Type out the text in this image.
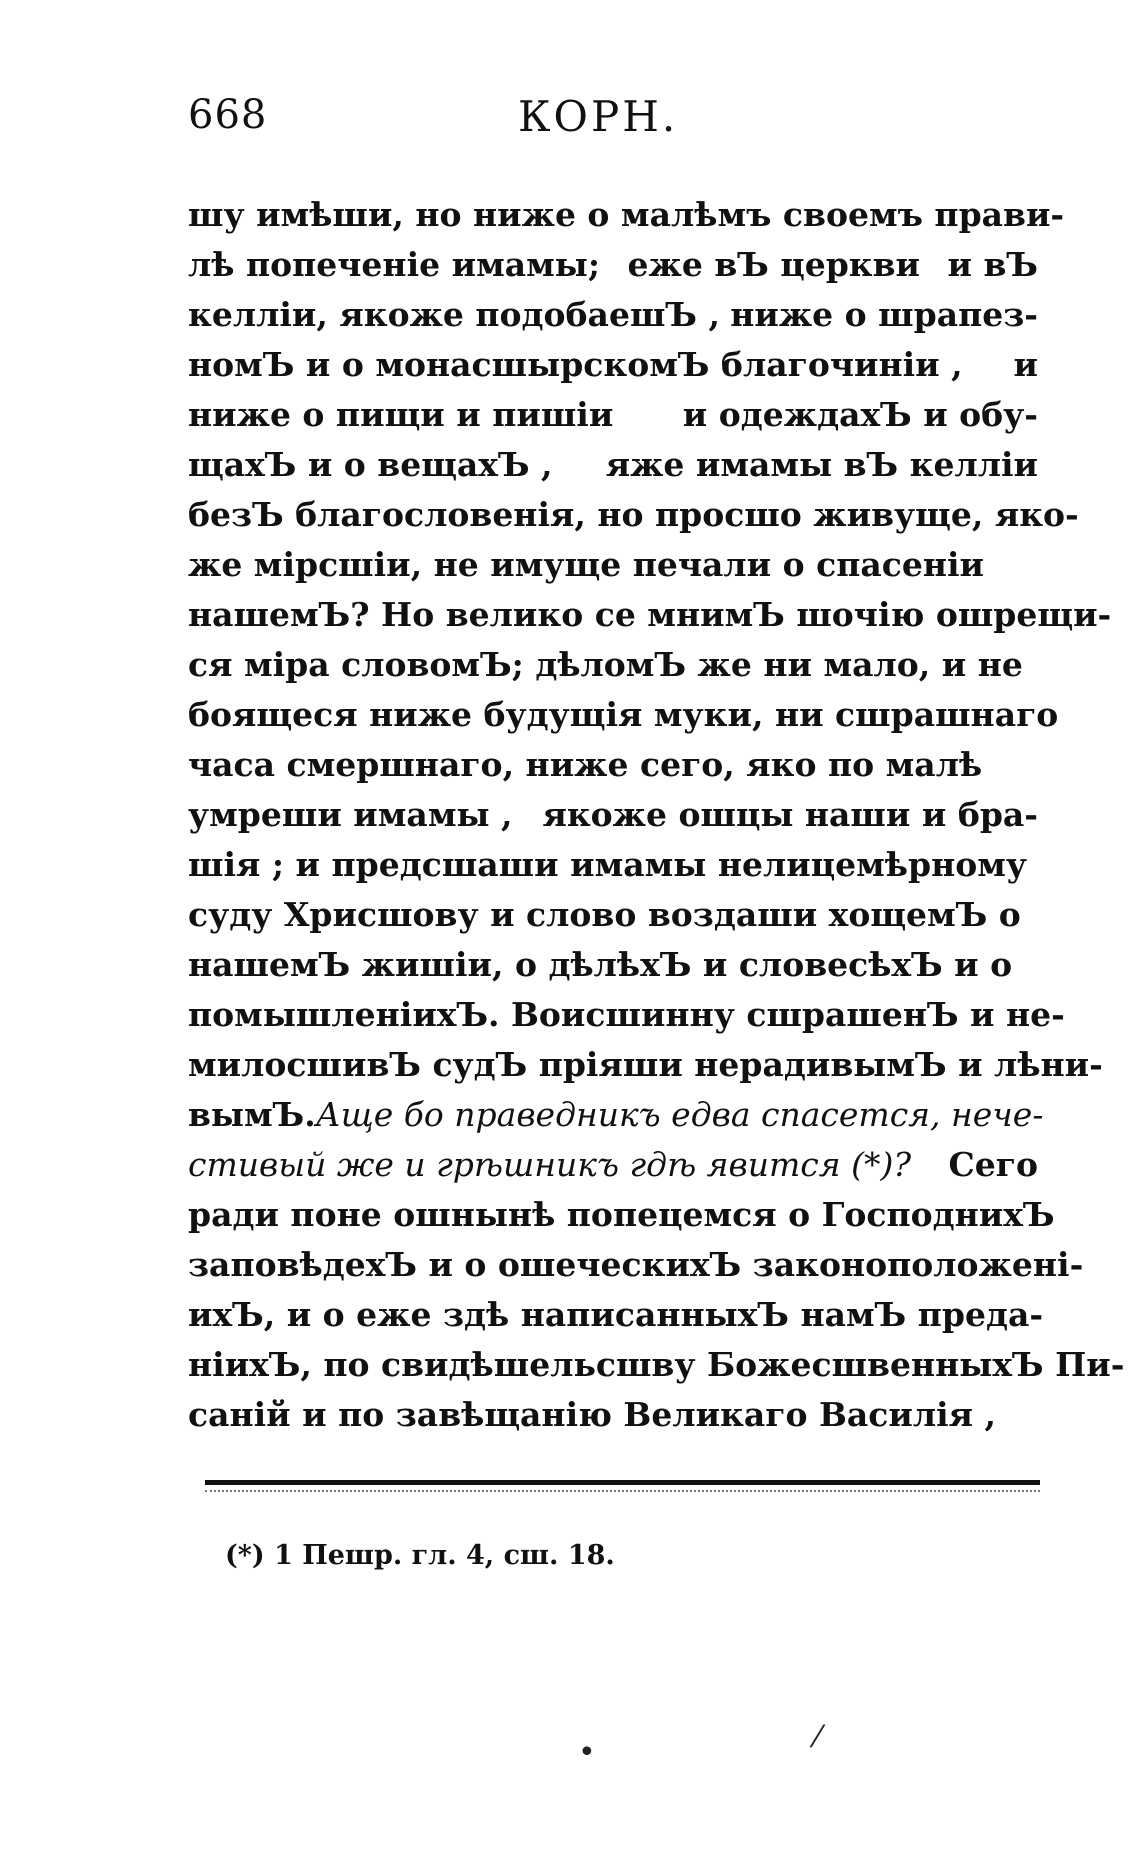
668	КОРН.
шу имѣши, но ниже о малѣмъ своемъ прави-
лѣ попеченіе имамы; еже вЪ церкви и вЪ
келліи, якоже подобаешЪ , ниже о шрапез-
номЪ и о монасшырскомЪ благочиніи , и
ниже о пищи и пишіи и одеждахЪ и обу-
щахЪ и о вещахЪ , яже имамы вЪ келліи
безЪ благословенія, но просшо живуще, яко-
же мірсшіи, не имуще печали о спасеніи
нашемЪ? Но велико се мнимЪ шочію ошрещи-
ся міра словомЪ; дѣломЪ же ни мало, и не
боящеся ниже будущія муки, ни сшрашнаго
часа смершнаго, ниже сего, яко по малѣ
умреши имамы , якоже ошцы наши и бра-
шія ; и предсшаши имамы нелицемѣрному
суду Хрисшову и слово воздаши хощемЪ о
нашемЪ жишіи, о дѣлѣхЪ и словесѣхЪ и о
помышленіихЪ. Воисшинну сшрашенЪ и не-
милосшивЪ судЪ пріяши нерадивымЪ и лѣни-
вымЪ. Аще бо праведникъ едва спасется, нече-
стивый же и грѣшникъ гдѣ явится (*)? Сего
ради поне ошнынѣ попецемся о ГосподнихЪ
заповѣдехЪ и о ошеческихЪ законоположені-
ихЪ, и о еже здѣ написанныхЪ намЪ преда-
ніихЪ, по свидѣшельсшву БожесшвенныхЪ Пи-
саній и по завѣщанію Великаго Василія ,
(*) 1 Пешр. гл. 4, сш. 18.
•	⁄
